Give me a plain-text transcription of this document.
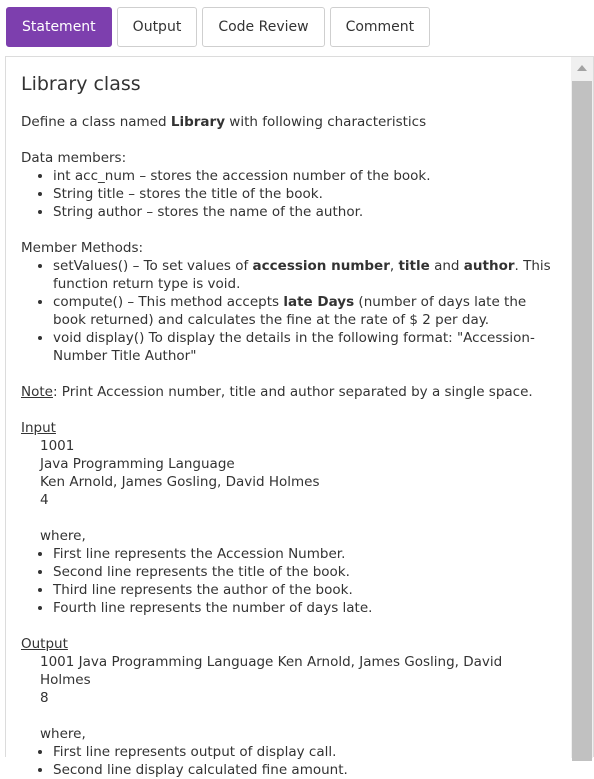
Statement	Output	Code Review	Comment
Library class
Define a class named Library with following characteristics
Data members:
• int acc_num – stores the accession number of the book.
• String title – stores the title of the book.
• String author – stores the name of the author.
Member Methods:
• setValues() – To set values of accession number, title and author. This function return type is void.
• compute() – This method accepts late Days (number of days late the book returned) and calculates the fine at the rate of $ 2 per day.
• void display() To display the details in the following format: "Accession-Number Title Author"
Note: Print Accession number, title and author separated by a single space.
Input
1001
Java Programming Language
Ken Arnold, James Gosling, David Holmes
4
where,
• First line represents the Accession Number.
• Second line represents the title of the book.
• Third line represents the author of the book.
• Fourth line represents the number of days late.
Output
1001 Java Programming Language Ken Arnold, James Gosling, David Holmes
8
where,
• First line represents output of display call.
• Second line display calculated fine amount.
